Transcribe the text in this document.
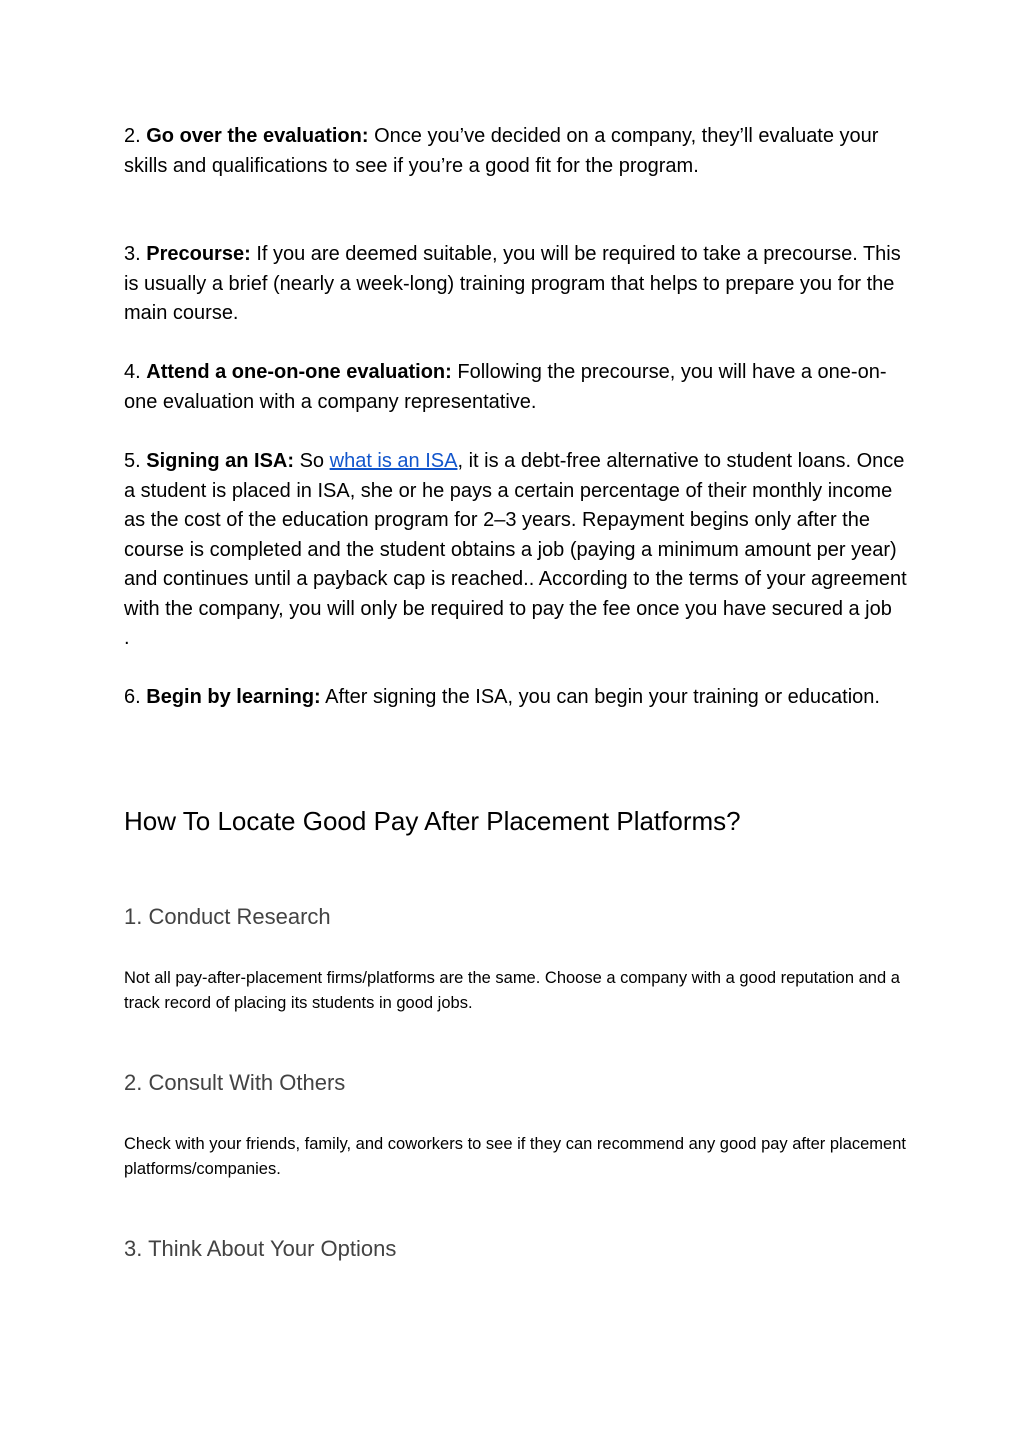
2. Go over the evaluation: Once you’ve decided on a company, they’ll evaluate your skills and qualifications to see if you’re a good fit for the program.

3. Precourse: If you are deemed suitable, you will be required to take a precourse. This is usually a brief (nearly a week-long) training program that helps to prepare you for the main course.

4. Attend a one-on-one evaluation: Following the precourse, you will have a one-on-one evaluation with a company representative.

5. Signing an ISA: So what is an ISA, it is a debt-free alternative to student loans. Once a student is placed in ISA, she or he pays a certain percentage of their monthly income as the cost of the education program for 2–3 years. Repayment begins only after the course is completed and the student obtains a job (paying a minimum amount per year) and continues until a payback cap is reached.. According to the terms of your agreement with the company, you will only be required to pay the fee once you have secured a job
.

6. Begin by learning: After signing the ISA, you can begin your training or education.

How To Locate Good Pay After Placement Platforms?
1. Conduct Research

Not all pay-after-placement firms/platforms are the same. Choose a company with a good reputation and a track record of placing its students in good jobs.

2. Consult With Others

Check with your friends, family, and coworkers to see if they can recommend any good pay after placement platforms/companies.

3. Think About Your Options
